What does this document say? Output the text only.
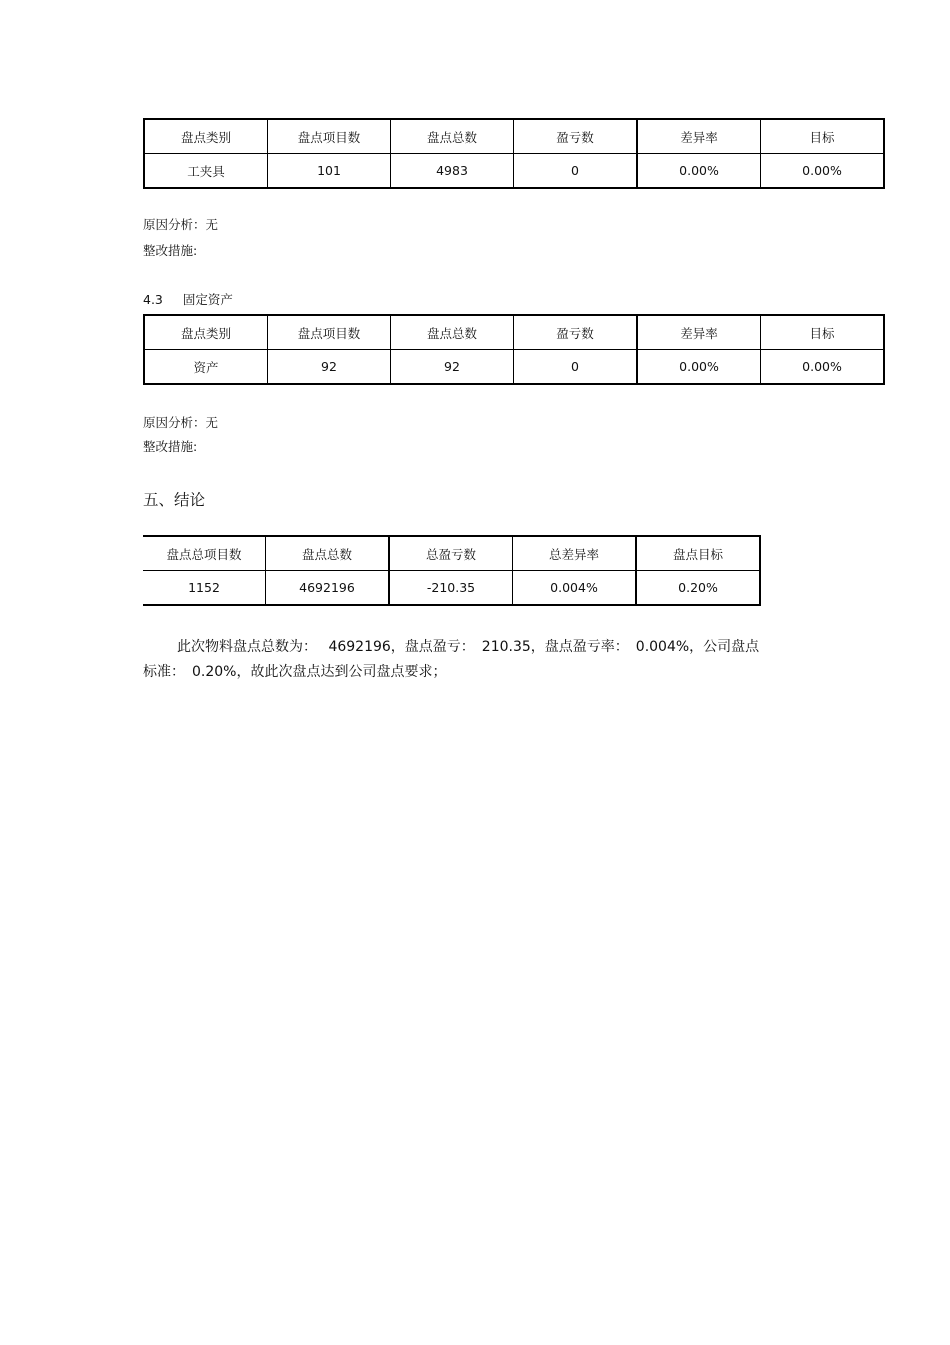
盘点类别	盘点项目数	盘点总数	盈亏数	差异率	目标
工夹具	101	4983	0	0.00%	0.00%
原因分析：无
整改措施:
4.3 固定资产
盘点类别	盘点项目数	盘点总数	盈亏数	差异率	目标
资产	92	92	0	0.00%	0.00%
原因分析：无
整改措施:
五、结论
盘点总项目数	盘点总数	总盈亏数	总差异率	盘点目标
1152	4692196	-210.35	0.004%	0.20%
此次物料盘点总数为：　 4692196，盘点盈亏：　210.35，盘点盈亏率：　0.004%，公司盘点
标准：　0.20%，故此次盘点达到公司盘点要求；
